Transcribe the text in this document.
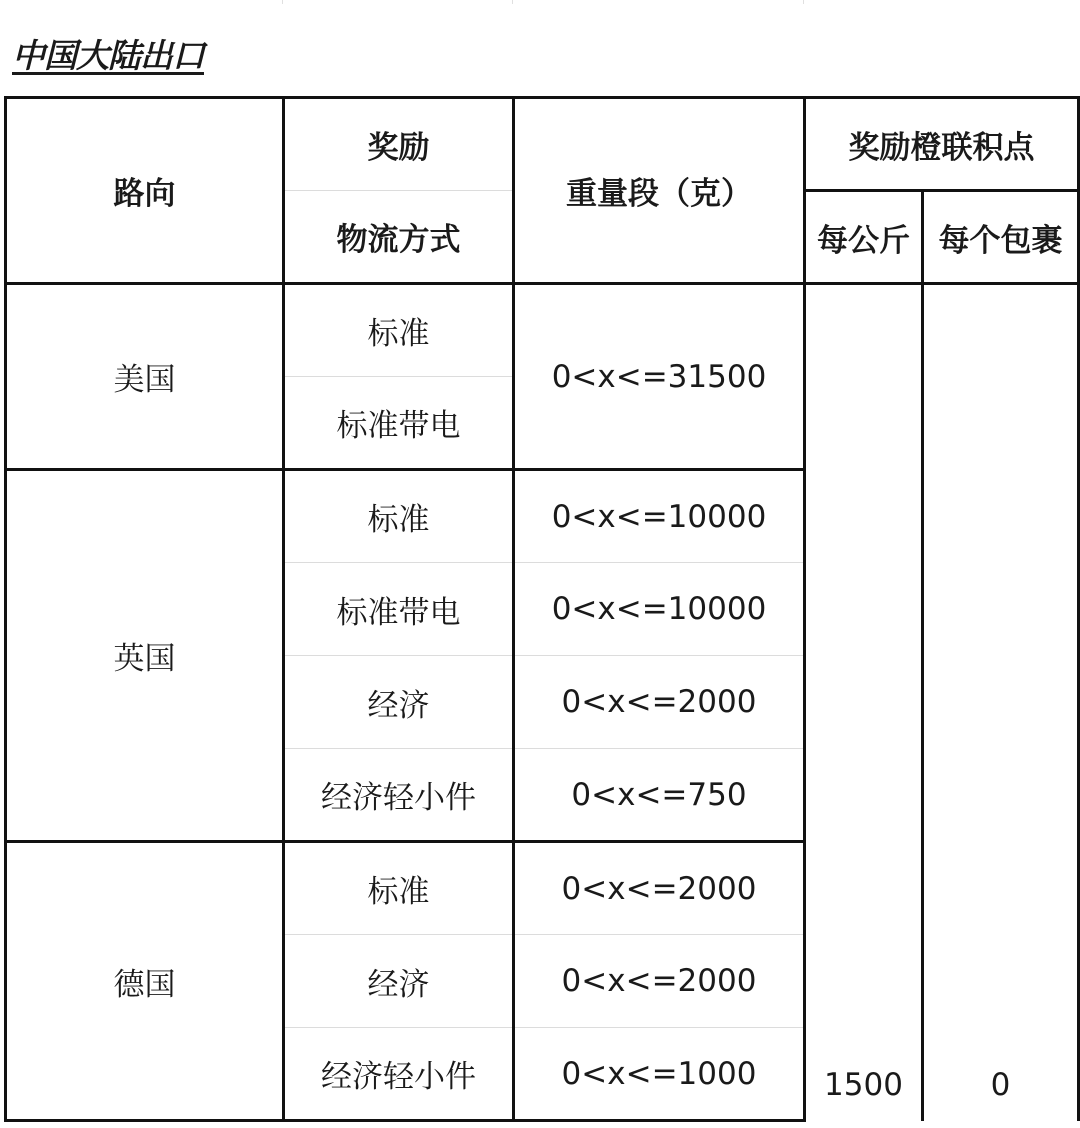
中国大陆出口
路向	奖励	重量段（克）	奖励橙联积点	
	物流方式		每公斤	每个包裹
美国	标准	0<x<=31500	1500	0
	标准带电			
英国	标准	0<x<=10000		
	标准带电	0<x<=10000		
	经济	0<x<=2000		
	经济轻小件	0<x<=750		
德国	标准	0<x<=2000		
	经济	0<x<=2000		
	经济轻小件	0<x<=1000		
